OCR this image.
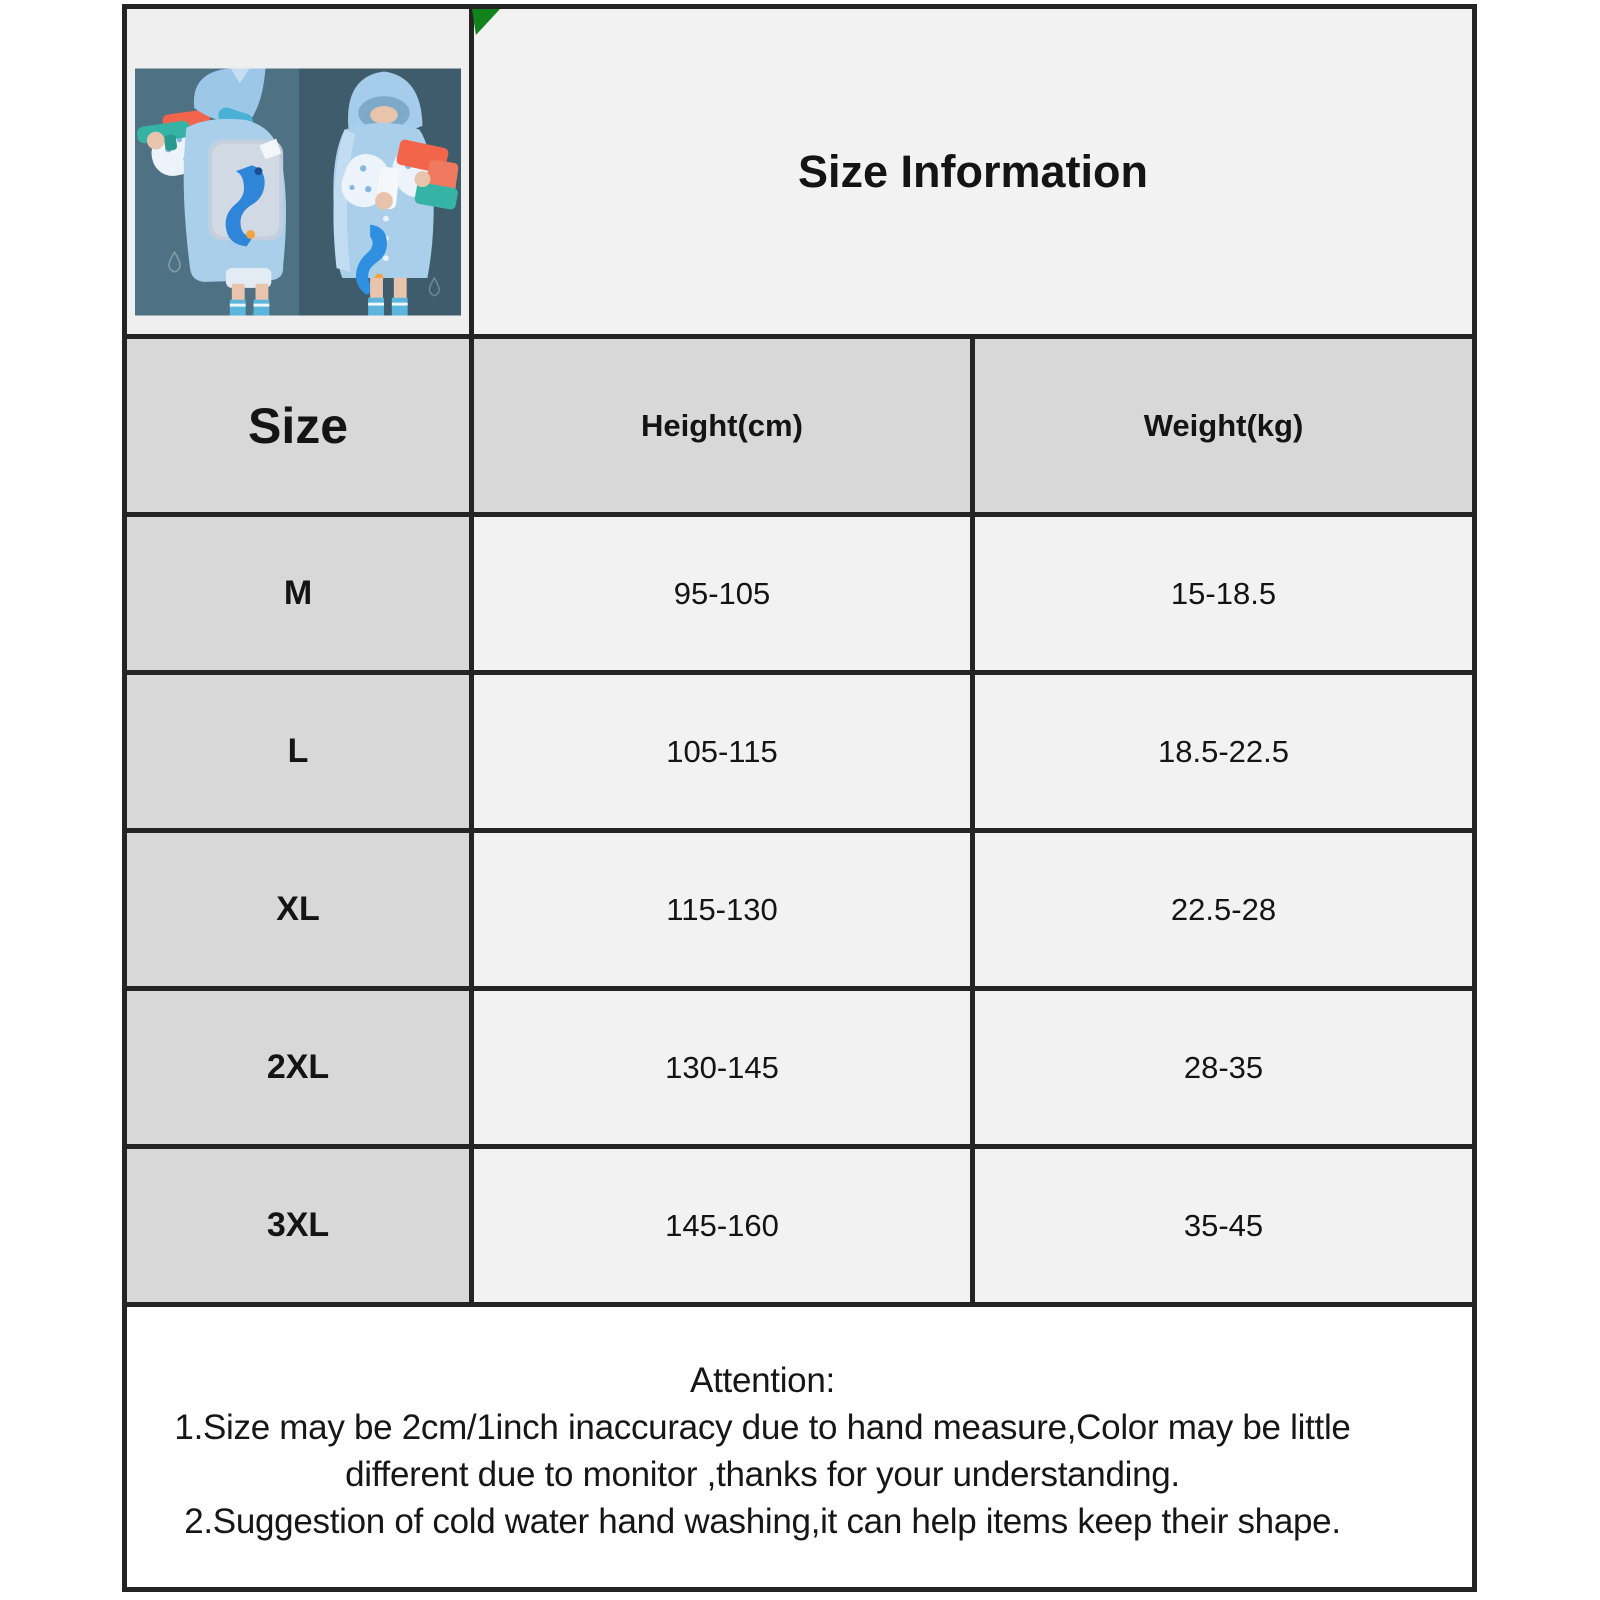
Size Information	

Size	Height(cm)	Weight(kg)
M	95-105	15-18.5
L	105-115	18.5-22.5
XL	115-130	22.5-28
2XL	130-145	28-35
3XL	145-160	35-45

Attention:
1.Size may be 2cm/1inch inaccuracy due to hand measure,Color may be little different due to monitor ,thanks for your understanding.
2.Suggestion of cold water hand washing,it can help items keep their shape.		
